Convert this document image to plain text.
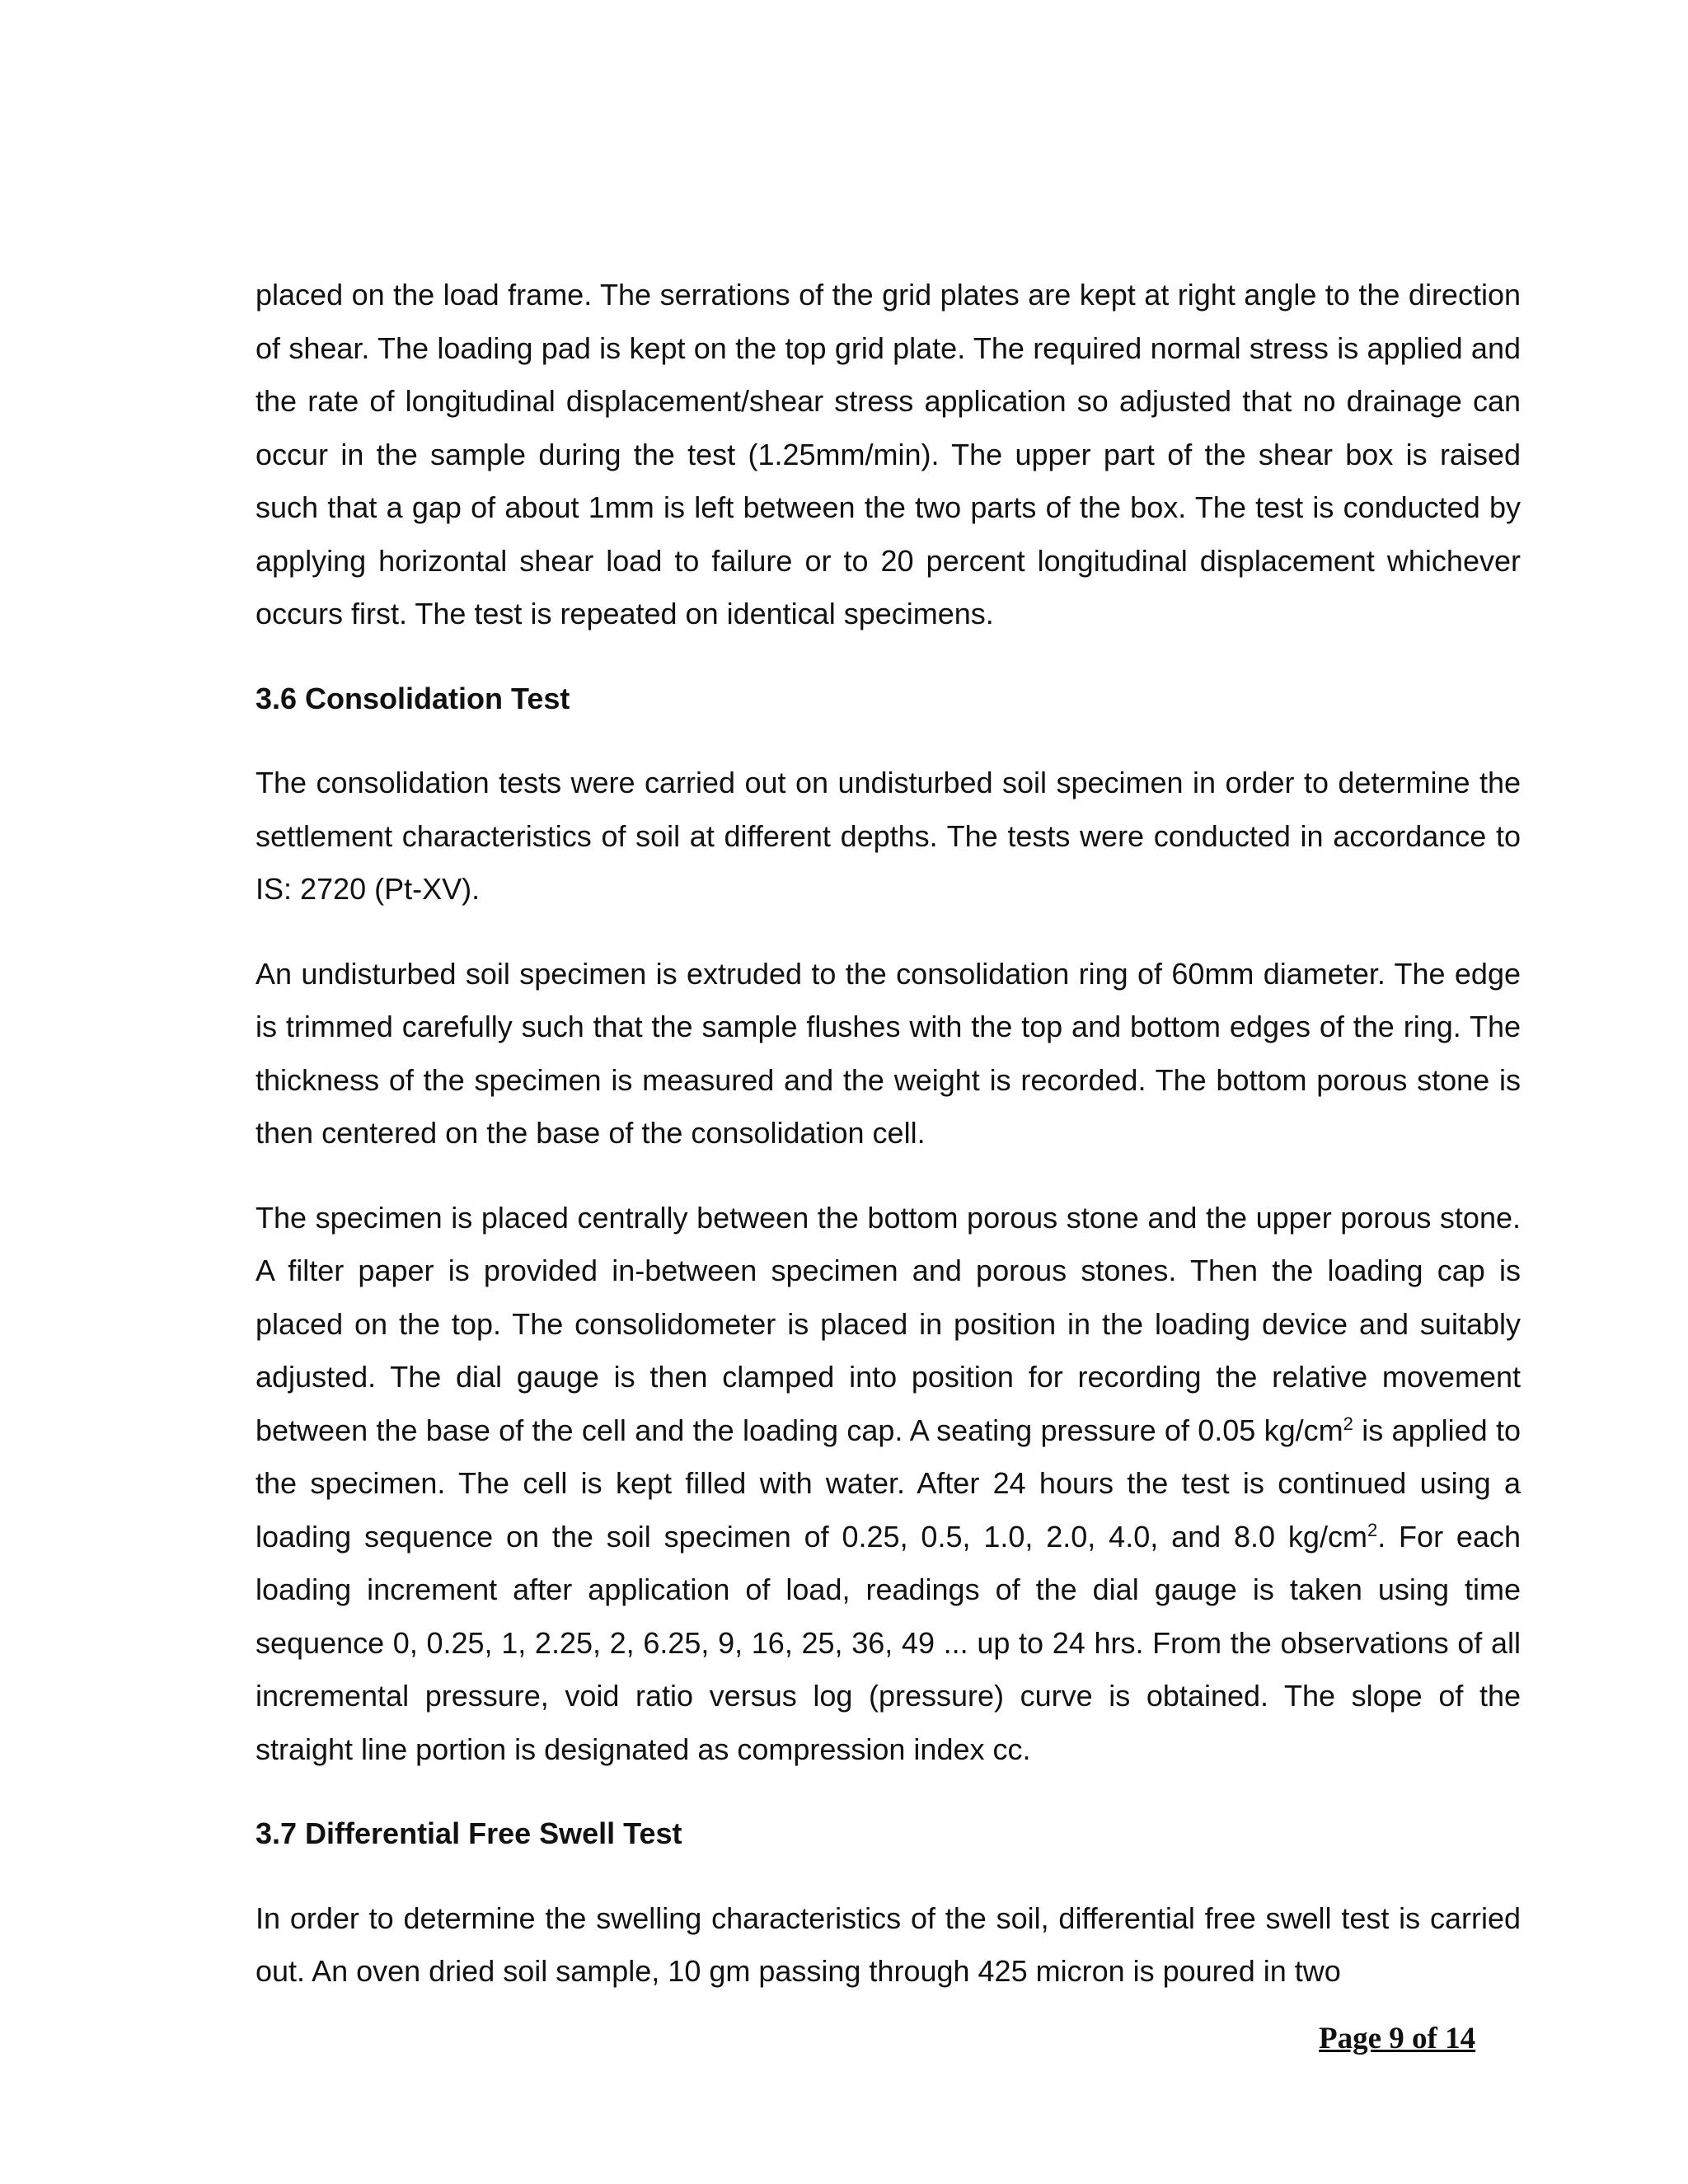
placed on the load frame. The serrations of the grid plates are kept at right angle to the direction of shear. The loading pad is kept on the top grid plate. The required normal stress is applied and the rate of longitudinal displacement/shear stress application so adjusted that no drainage can occur in the sample during the test (1.25mm/min). The upper part of the shear box is raised such that a gap of about 1mm is left between the two parts of the box. The test is conducted by applying horizontal shear load to failure or to 20 percent longitudinal displacement whichever occurs first. The test is repeated on identical specimens.

3.6 Consolidation Test

The consolidation tests were carried out on undisturbed soil specimen in order to determine the settlement characteristics of soil at different depths. The tests were conducted in accordance to IS: 2720 (Pt-XV).

An undisturbed soil specimen is extruded to the consolidation ring of 60mm diameter. The edge is trimmed carefully such that the sample flushes with the top and bottom edges of the ring. The thickness of the specimen is measured and the weight is recorded. The bottom porous stone is then centered on the base of the consolidation cell.

The specimen is placed centrally between the bottom porous stone and the upper porous stone. A filter paper is provided in-between specimen and porous stones. Then the loading cap is placed on the top. The consolidometer is placed in position in the loading device and suitably adjusted. The dial gauge is then clamped into position for recording the relative movement between the base of the cell and the loading cap. A seating pressure of 0.05 $kg/cm^2$ is applied to the specimen. The cell is kept filled with water. After 24 hours the test is continued using a loading sequence on the soil specimen of 0.25, 0.5, 1.0, 2.0, 4.0, and 8.0 $kg/cm^2$. For each loading increment after application of load, readings of the dial gauge is taken using time sequence 0, 0.25, 1, 2.25, 2, 6.25, 9, 16, 25, 36, 49 ... up to 24 hrs. From the observations of all incremental pressure, void ratio versus log (pressure) curve is obtained. The slope of the straight line portion is designated as compression index cc.

3.7 Differential Free Swell Test

In order to determine the swelling characteristics of the soil, differential free swell test is carried out. An oven dried soil sample, 10 gm passing through 425 micron is poured in two

Page 9 of 14
